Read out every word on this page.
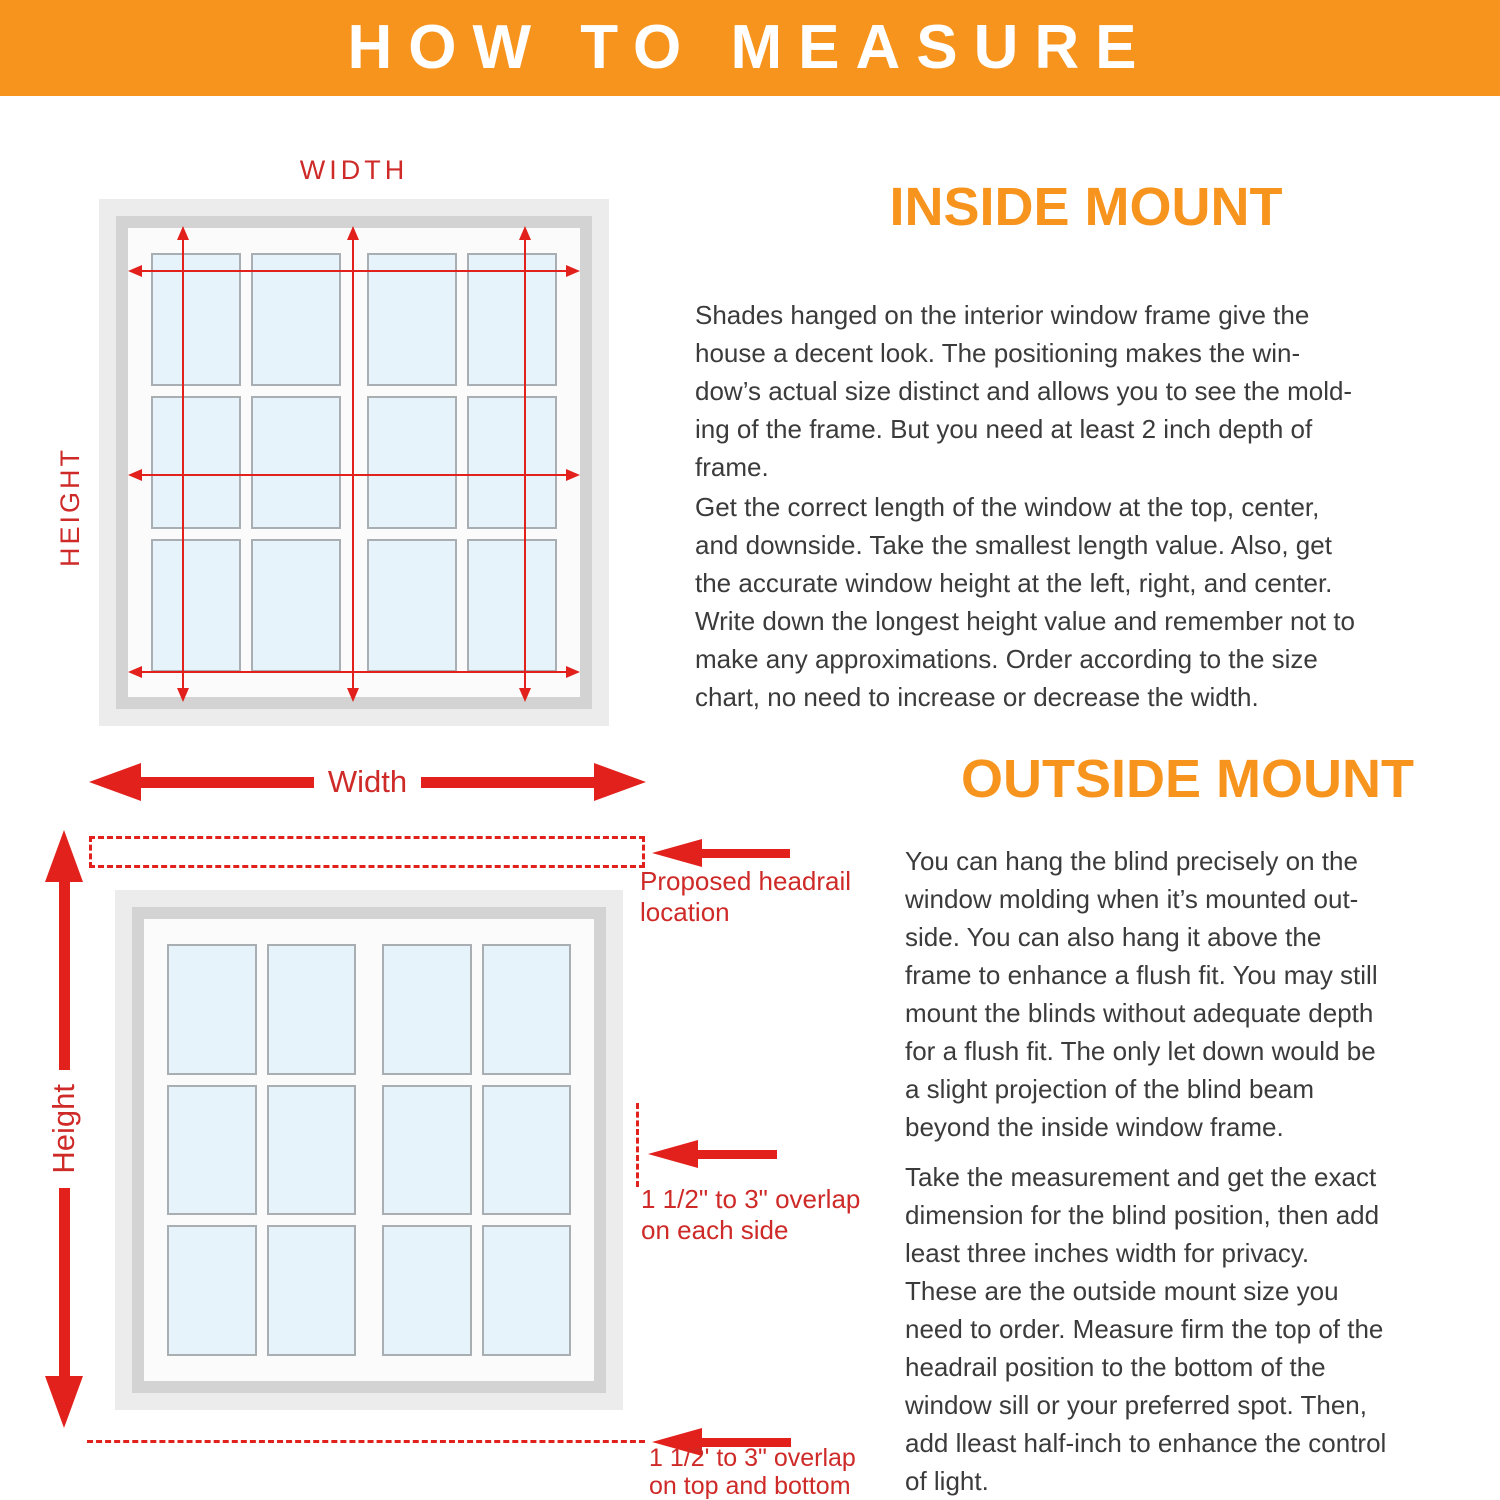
HOW TO MEASURE
WIDTH
HEIGHT
Width
Proposed headrail
location
Height
1 1/2" to 3" overlap
on each side
1 1/2' to 3" overlap
on top and bottom
INSIDE MOUNT
Shades hanged on the interior window frame give the
house a decent look. The positioning makes the win-
dow’s actual size distinct and allows you to see the mold-
ing of the frame. But you need at least 2 inch depth of
frame.
Get the correct length of the window at the top, center,
and downside. Take the smallest length value. Also, get
the accurate window height at the left, right, and center.
Write down the longest height value and remember not to
make any approximations. Order according to the size
chart, no need to increase or decrease the width.
OUTSIDE MOUNT
You can hang the blind precisely on the
window molding when it’s mounted out-
side. You can also hang it above the
frame to enhance a flush fit. You may still
mount the blinds without adequate depth
for a flush fit. The only let down would be
a slight projection of the blind beam
beyond the inside window frame.
Take the measurement and get the exact
dimension for the blind position, then add
least three inches width for privacy.
These are the outside mount size you
need to order. Measure firm the top of the
headrail position to the bottom of the
window sill or your preferred spot. Then,
add lleast half-inch to enhance the control
of light.
